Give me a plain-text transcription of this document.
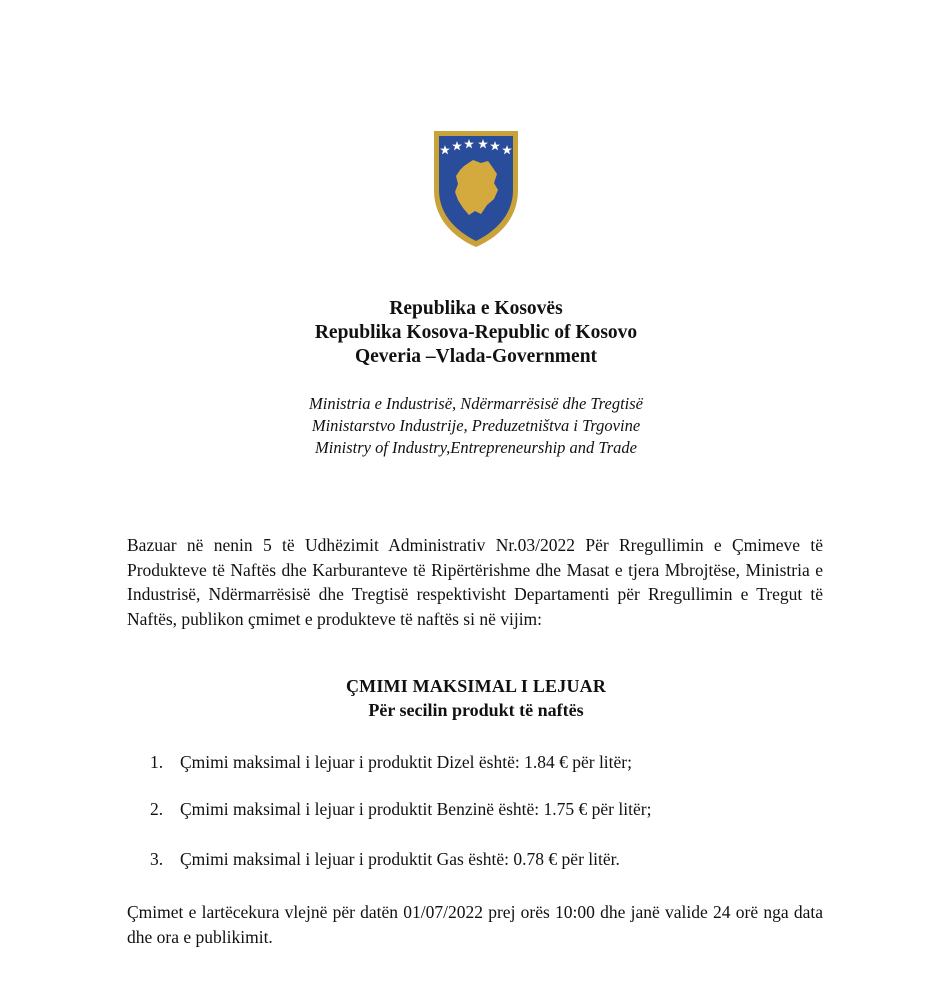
Republika e Kosovës
Republika Kosova-Republic of Kosovo
Qeveria –Vlada-Government
Ministria e Industrisë, Ndërmarrësisë dhe Tregtisë
Ministarstvo Industrije, Preduzetništva i Trgovine
Ministry of Industry,Entrepreneurship and Trade

Bazuar në nenin 5 të Udhëzimit Administrativ Nr.03/2022 Për Rregullimin e Çmimeve të Produkteve të Naftës dhe Karburanteve të Ripërtërishme dhe Masat e tjera Mbrojtëse, Ministria e Industrisë, Ndërmarrësisë dhe Tregtisë respektivisht Departamenti për Rregullimin e Tregut të Naftës, publikon çmimet e produkteve të naftës si në vijim:

ÇMIMI MAKSIMAL I LEJUAR
Për secilin produkt të naftës
1. Çmimi maksimal i lejuar i produktit Dizel është: 1.84 € për litër;
2. Çmimi maksimal i lejuar i produktit Benzinë është: 1.75 € për litër;
3. Çmimi maksimal i lejuar i produktit Gas është: 0.78 € për litër.

Çmimet e lartëcekura vlejnë për datën 01/07/2022 prej orës 10:00 dhe janë valide 24 orë nga data dhe ora e publikimit.
